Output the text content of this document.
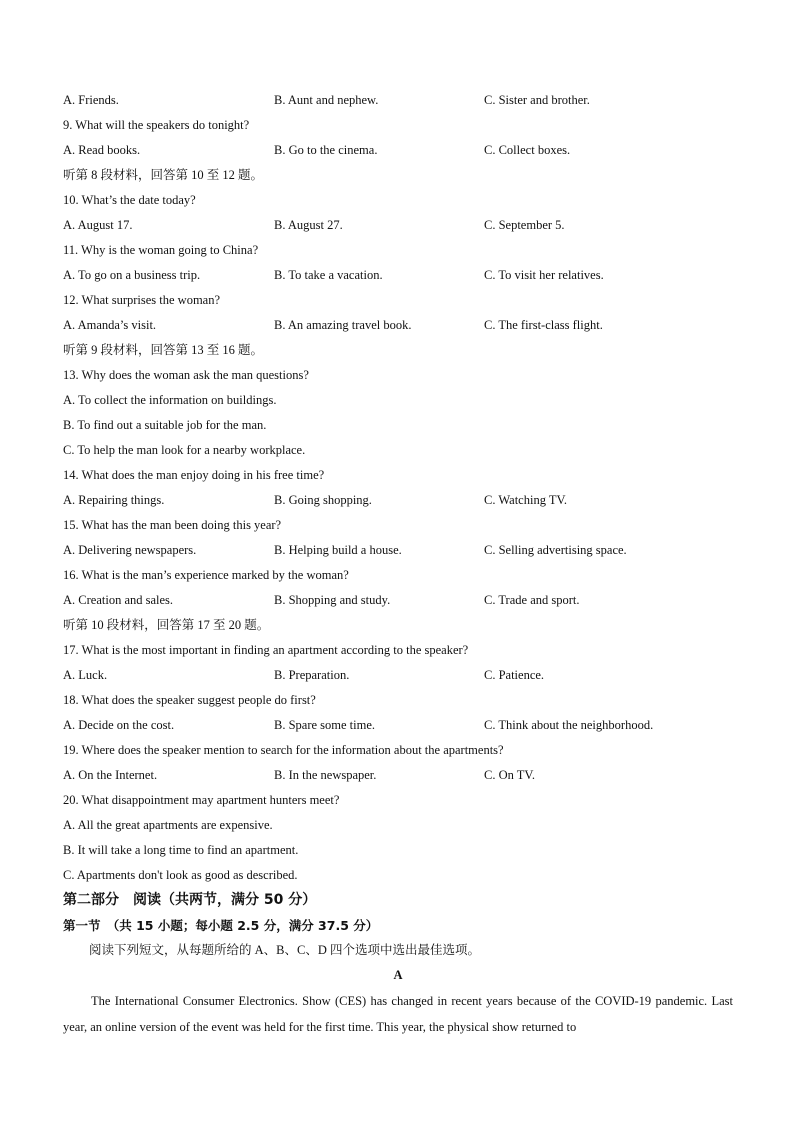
A. Friends.	B. Aunt and nephew.	C. Sister and brother.
9. What will the speakers do tonight?
A. Read books.	B. Go to the cinema.	C. Collect boxes.
听第 8 段材料，回答第 10 至 12 题。
10. What’s the date today?
A. August 17.	B. August 27.	C. September 5.
11. Why is the woman going to China?
A. To go on a business trip.	B. To take a vacation.	C. To visit her relatives.
12. What surprises the woman?
A. Amanda’s visit.	B. An amazing travel book.	C. The first-class flight.
听第 9 段材料，回答第 13 至 16 题。
13. Why does the woman ask the man questions?
A. To collect the information on buildings.
B. To find out a suitable job for the man.
C. To help the man look for a nearby workplace.
14. What does the man enjoy doing in his free time?
A. Repairing things.	B. Going shopping.	C. Watching TV.
15. What has the man been doing this year?
A. Delivering newspapers.	B. Helping build a house.	C. Selling advertising space.
16. What is the man’s experience marked by the woman?
A. Creation and sales.	B. Shopping and study.	C. Trade and sport.
听第 10 段材料，回答第 17 至 20 题。
17. What is the most important in finding an apartment according to the speaker?
A. Luck.	B. Preparation.	C. Patience.
18. What does the speaker suggest people do first?
A. Decide on the cost.	B. Spare some time.	C. Think about the neighborhood.
19. Where does the speaker mention to search for the information about the apartments?
A. On the Internet.	B. In the newspaper.	C. On TV.
20. What disappointment may apartment hunters meet?
A. All the great apartments are expensive.
B. It will take a long time to find an apartment.
C. Apartments don't look as good as described.
第二部分　阅读（共两节，满分 50 分）
第一节　（共 15 小题；每小题 2.5 分，满分 37.5 分）
阅读下列短文，从每题所给的 A、B、C、D 四个选项中选出最佳选项。
A
The International Consumer Electronics. Show (CES) has changed in recent years because of the COVID-19 pandemic. Last year, an online version of the event was held for the first time. This year, the physical show returned to
